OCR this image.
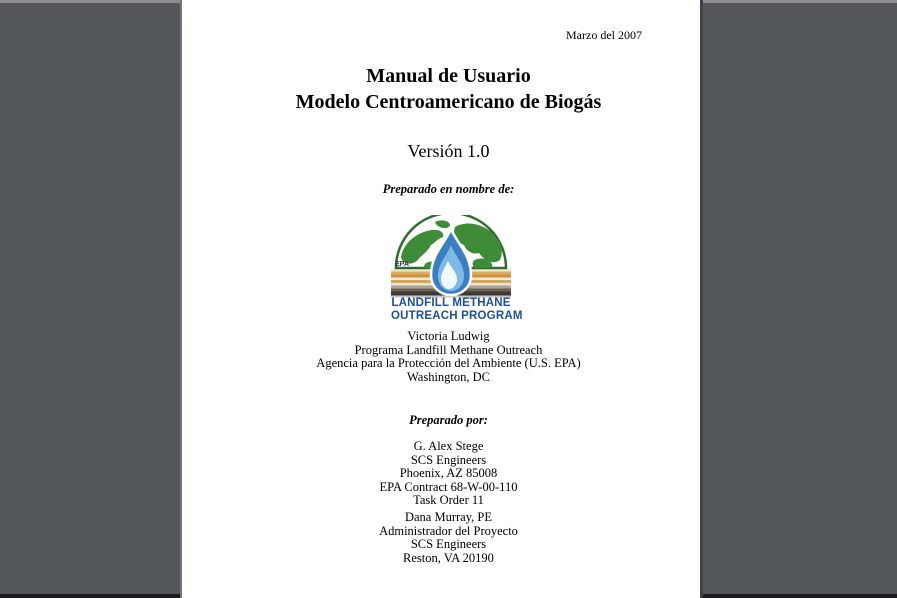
Marzo del 2007
Manual de Usuario
Modelo Centroamericano de Biogás
Versión 1.0
Preparado en nombre de:
EPA
LANDFILL METHANE
OUTREACH PROGRAM
Victoria Ludwig
Programa Landfill Methane Outreach
Agencia para la Protección del Ambiente (U.S. EPA)
Washington, DC
Preparado por:
G. Alex Stege
SCS Engineers
Phoenix, AZ 85008
EPA Contract 68-W-00-110
Task Order 11
Dana Murray, PE
Administrador del Proyecto
SCS Engineers
Reston, VA 20190
